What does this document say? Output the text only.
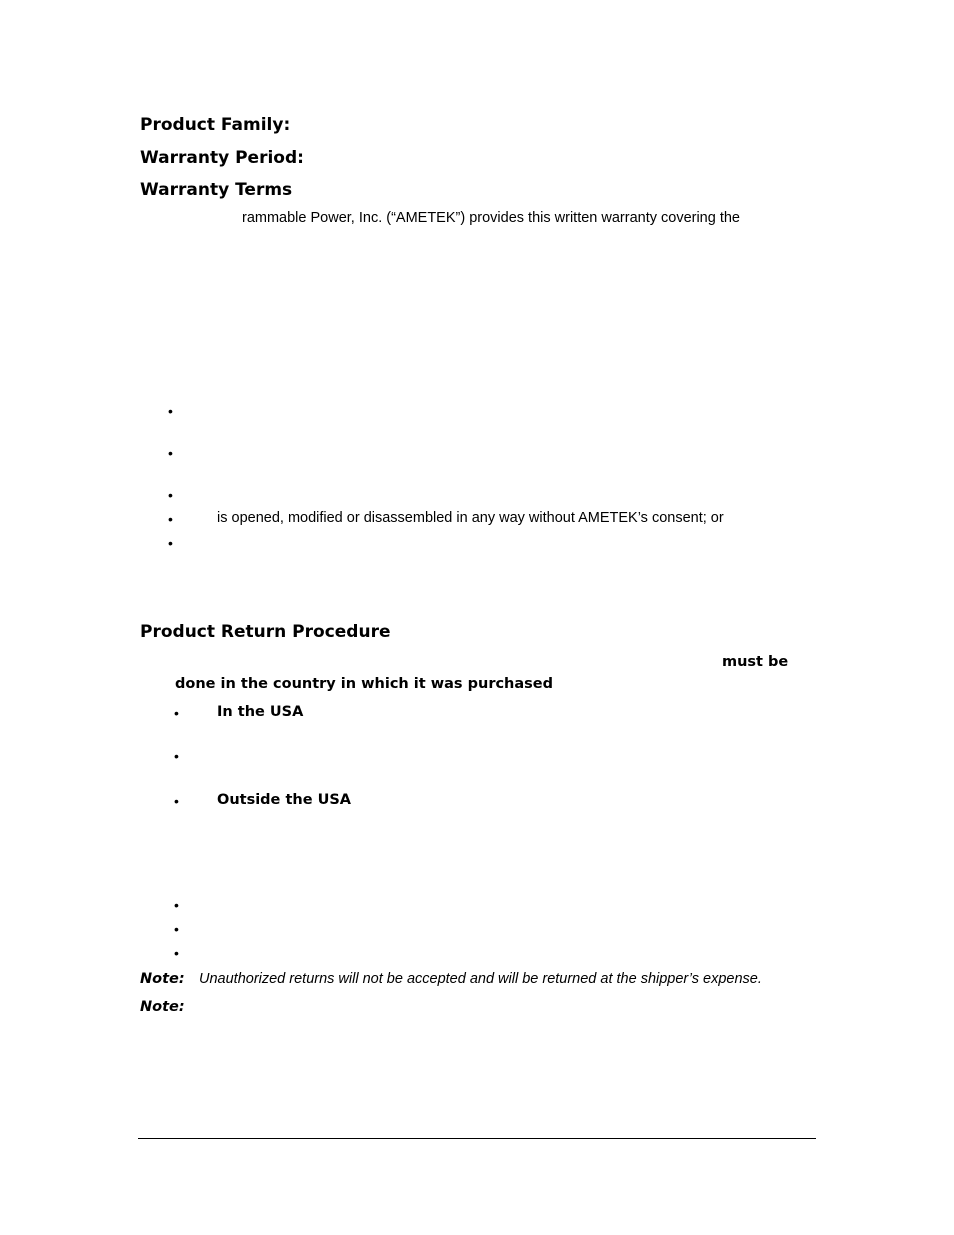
Product Family:
Warranty Period:
Warranty Terms
rammable Power, Inc. (“AMETEK”) provides this written warranty covering the
•
•
•
•	is opened, modified or disassembled in any way without AMETEK’s consent; or
•
Product Return Procedure
must be
done in the country in which it was purchased
•	In the USA
•
•	Outside the USA
•
•
•
Note: Unauthorized returns will not be accepted and will be returned at the shipper’s expense.
Note:
